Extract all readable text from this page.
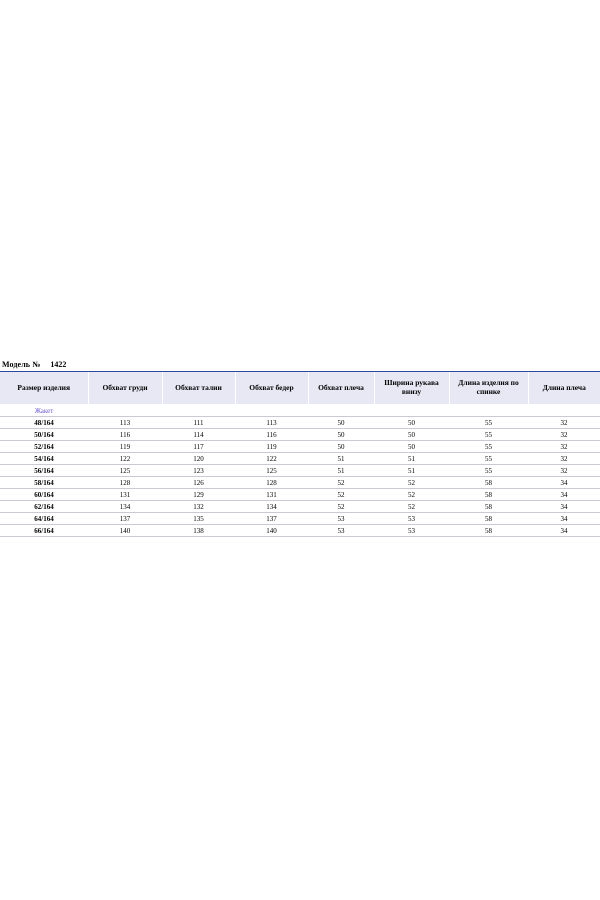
Модель № 1422
Размер изделия	Обхват груди	Обхват талии	Обхват бедер	Обхват плеча	Ширина рукава внизу	Длина изделия по спинке	Длина плеча
Жакет							
48/164	113	111	113	50	50	55	32
50/164	116	114	116	50	50	55	32
52/164	119	117	119	50	50	55	32
54/164	122	120	122	51	51	55	32
56/164	125	123	125	51	51	55	32
58/164	128	126	128	52	52	58	34
60/164	131	129	131	52	52	58	34
62/164	134	132	134	52	52	58	34
64/164	137	135	137	53	53	58	34
66/164	140	138	140	53	53	58	34
